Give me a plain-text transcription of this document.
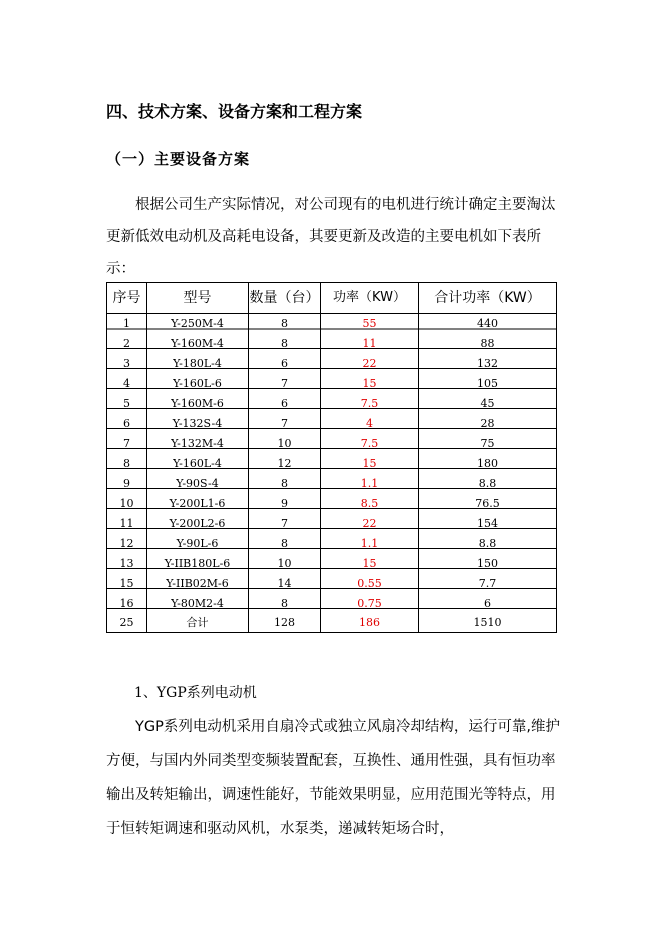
四、技术方案、设备方案和工程方案
（一）主要设备方案

根据公司生产实际情况，对公司现有的电机进行统计确定主要淘汰更新低效电动机及高耗电设备，其要更新及改造的主要电机如下表所示：

序号	型号	数量（台）	功率（KW）	合计功率（KW）
1	Y-250M-4	8	55	440
2	Y-160M-4	8	11	88
3	Y-180L-4	6	22	132
4	Y-160L-6	7	15	105
5	Y-160M-6	6	7.5	45
6	Y-132S-4	7	4	28
7	Y-132M-4	10	7.5	75
8	Y-160L-4	12	15	180
9	Y-90S-4	8	1.1	8.8
10	Y-200L1-6	9	8.5	76.5
11	Y-200L2-6	7	22	154
12	Y-90L-6	8	1.1	8.8
13	Y-IIB180L-6	10	15	150
15	Y-IIB02M-6	14	0.55	7.7
16	Y-80M2-4	8	0.75	6
25	合计	128	186	1510

1、YGP系列电动机

YGP系列电动机采用自扇冷式或独立风扇冷却结构，运行可靠,维护方便，与国内外同类型变频装置配套，互换性、通用性强，具有恒功率输出及转矩输出，调速性能好，节能效果明显，应用范围光等特点，用于恒转矩调速和驱动风机，水泵类，递减转矩场合时，
